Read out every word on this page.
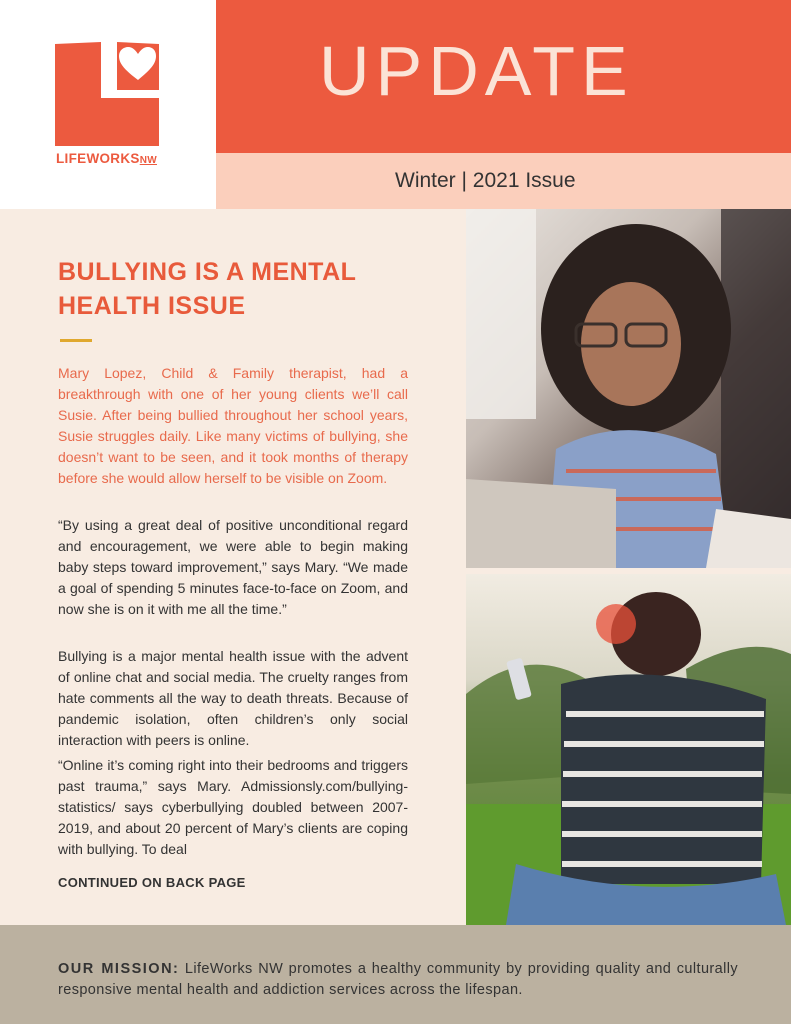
LIFEWORKSNW
UPDATE
Winter | 2021 Issue
BULLYING IS A MENTAL HEALTH ISSUE

Mary Lopez, Child & Family therapist, had a breakthrough with one of her young clients we’ll call Susie. After being bullied throughout her school years, Susie struggles daily. Like many victims of bullying, she doesn’t want to be seen, and it took months of therapy before she would allow herself to be visible on Zoom.

“By using a great deal of positive unconditional regard and encouragement, we were able to begin making baby steps toward improvement,” says Mary. “We made a goal of spending 5 minutes face-to-face on Zoom, and now she is on it with me all the time.”

Bullying is a major mental health issue with the advent of online chat and social media. The cruelty ranges from hate comments all the way to death threats. Because of pandemic isolation, often children’s only social interaction with peers is online.

“Online it’s coming right into their bedrooms and triggers past trauma,” says Mary. Admissionsly.com/bullying-statistics/ says cyberbullying doubled between 2007-2019, and about 20 percent of Mary’s clients are coping with bullying. To deal

CONTINUED ON BACK PAGE

OUR MISSION: LifeWorks NW promotes a healthy community by providing quality and culturally responsive mental health and addiction services across the lifespan.
